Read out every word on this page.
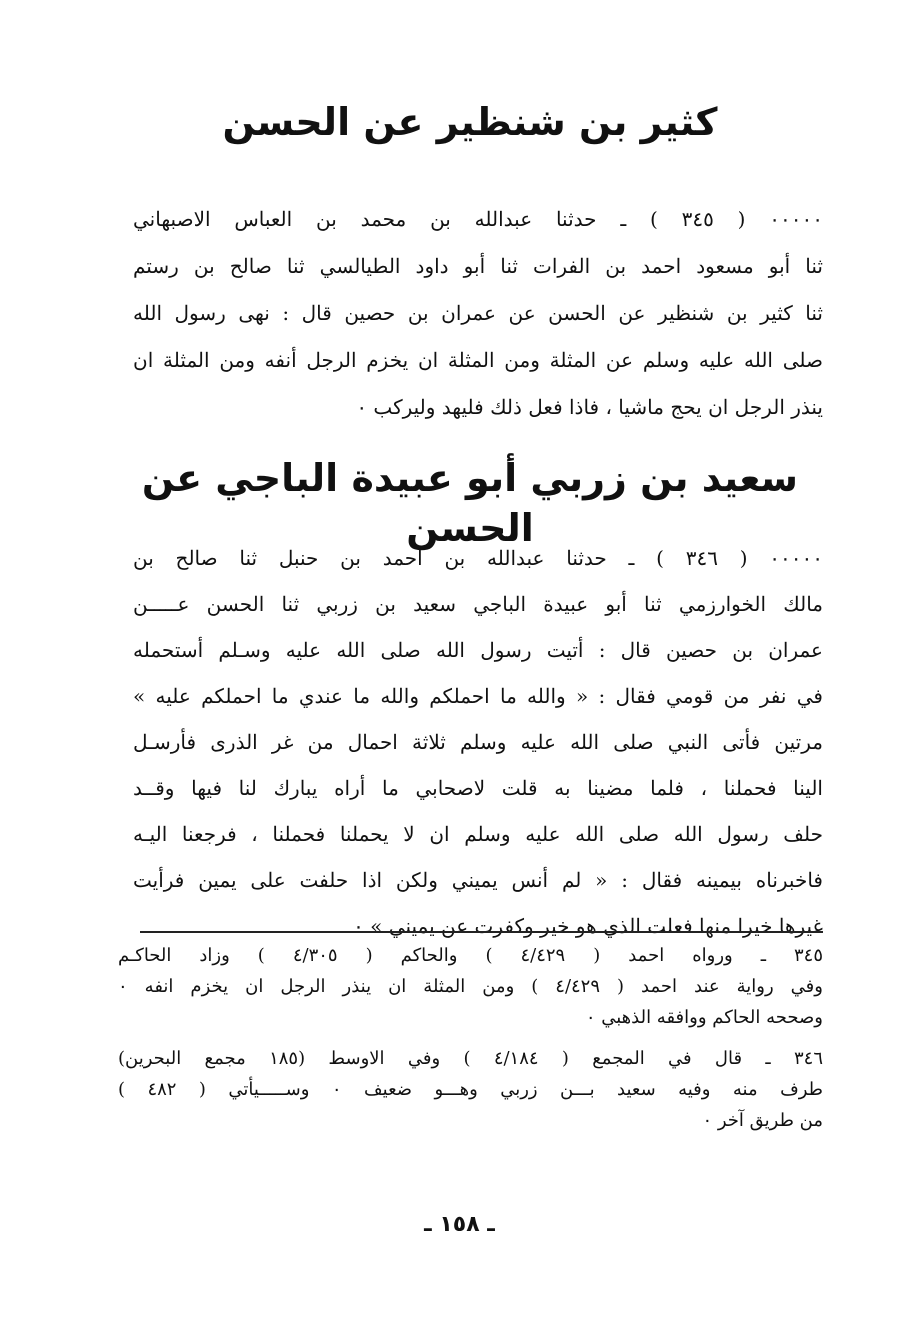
كثير بن شنظير عن الحسن
٠٠٠٠٠ ( ٣٤٥ ) ـ حدثنا عبدالله بن محمد بن العباس الاصبهاني
ثنا أبو مسعود احمد بن الفرات ثنا أبو داود الطيالسي ثنا صالح بن رستم
ثنا كثير بن شنظير عن الحسن عن عمران بن حصين قال : نهى رسول الله
صلى الله عليه وسلم عن المثلة ومن المثلة ان يخزم الرجل أنفه ومن المثلة ان
ينذر الرجل ان يحج ماشيا ، فاذا فعل ذلك فليهد وليركب ٠
سعيد بن زربي أبو عبيدة الباجي عن الحسن
٠٠٠٠٠ ( ٣٤٦ ) ـ حدثنا عبدالله بن احمد بن حنبل ثنا صالح بن
مالك الخوارزمي ثنا أبو عبيدة الباجي سعيد بن زربي ثنا الحسن عـــــن
عمران بن حصين قال : أتيت رسول الله صلى الله عليه وسـلم أستحمله
في نفر من قومي فقال : « والله ما احملكم والله ما عندي ما احملكم عليه »
مرتين فأتى النبي صلى الله عليه وسلم ثلاثة احمال من غر الذرى فأرسـل
الينا فحملنا ، فلما مضينا به قلت لاصحابي ما أراه يبارك لنا فيها وقــد
حلف رسول الله صلى الله عليه وسلم ان لا يحملنا فحملنا ، فرجعنا اليـه
فاخبرناه بيمينه فقال : « لم أنس يميني ولكن اذا حلفت على يمين فرأيت
غيرها خيرا منها فعلت الذي هو خير وكفرت عن يميني » ٠
٣٤٥ ـ ورواه احمد ( ٤/٤٢٩ ) والحاكم ( ٤/٣٠٥ ) وزاد الحاكـم
وفي رواية عند احمد ( ٤/٤٢٩ ) ومن المثلة ان ينذر الرجل ان يخزم انفه ٠
وصححه الحاكم ووافقه الذهبي ٠
٣٤٦ ـ قال في المجمع ( ٤/١٨٤ ) وفي الاوسط (١٨٥ مجمع البحرين)
طرف منه وفيه سعيد بـــن زربي وهـــو ضعيف ٠ وســـــيأتي ( ٤٨٢ )
من طريق آخر ٠
ـ ١٥٨ ـ
